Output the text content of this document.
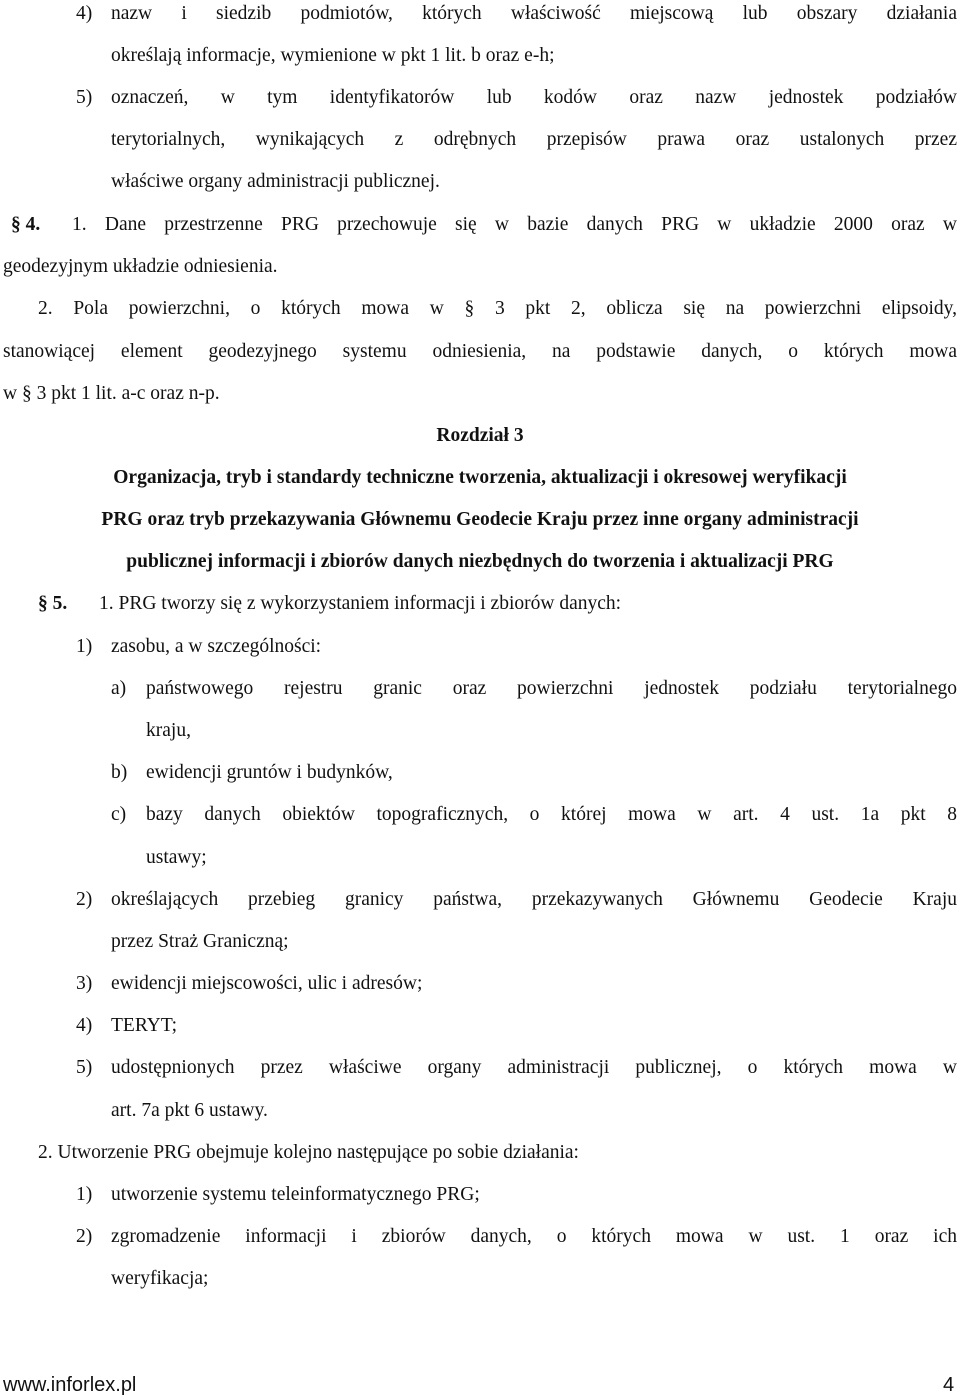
4) nazw i siedzib podmiotów, których właściwość miejscową lub obszary działania
określają informacje, wymienione w pkt 1 lit. b oraz e-h;
5) oznaczeń, w tym identyfikatorów lub kodów oraz nazw jednostek podziałów
terytorialnych, wynikających z odrębnych przepisów prawa oraz ustalonych przez
właściwe organy administracji publicznej.
§ 4. 1. Dane przestrzenne PRG przechowuje się w bazie danych PRG w układzie 2000 oraz w
geodezyjnym układzie odniesienia.
2. Pola powierzchni, o których mowa w § 3 pkt 2, oblicza się na powierzchni elipsoidy,
stanowiącej element geodezyjnego systemu odniesienia, na podstawie danych, o których mowa
w § 3 pkt 1 lit. a-c oraz n-p.
Rozdział 3
Organizacja, tryb i standardy techniczne tworzenia, aktualizacji i okresowej weryfikacji
PRG oraz tryb przekazywania Głównemu Geodecie Kraju przez inne organy administracji
publicznej informacji i zbiorów danych niezbędnych do tworzenia i aktualizacji PRG
§ 5. 1. PRG tworzy się z wykorzystaniem informacji i zbiorów danych:
1) zasobu, a w szczególności:
a) państwowego rejestru granic oraz powierzchni jednostek podziału terytorialnego
kraju,
b) ewidencji gruntów i budynków,
c) bazy danych obiektów topograficznych, o której mowa w art. 4 ust. 1a pkt 8
ustawy;
2) określających przebieg granicy państwa, przekazywanych Głównemu Geodecie Kraju
przez Straż Graniczną;
3) ewidencji miejscowości, ulic i adresów;
4) TERYT;
5) udostępnionych przez właściwe organy administracji publicznej, o których mowa w
art. 7a pkt 6 ustawy.
2. Utworzenie PRG obejmuje kolejno następujące po sobie działania:
1) utworzenie systemu teleinformatycznego PRG;
2) zgromadzenie informacji i zbiorów danych, o których mowa w ust. 1 oraz ich
weryfikacja;
www.inforlex.pl	4
